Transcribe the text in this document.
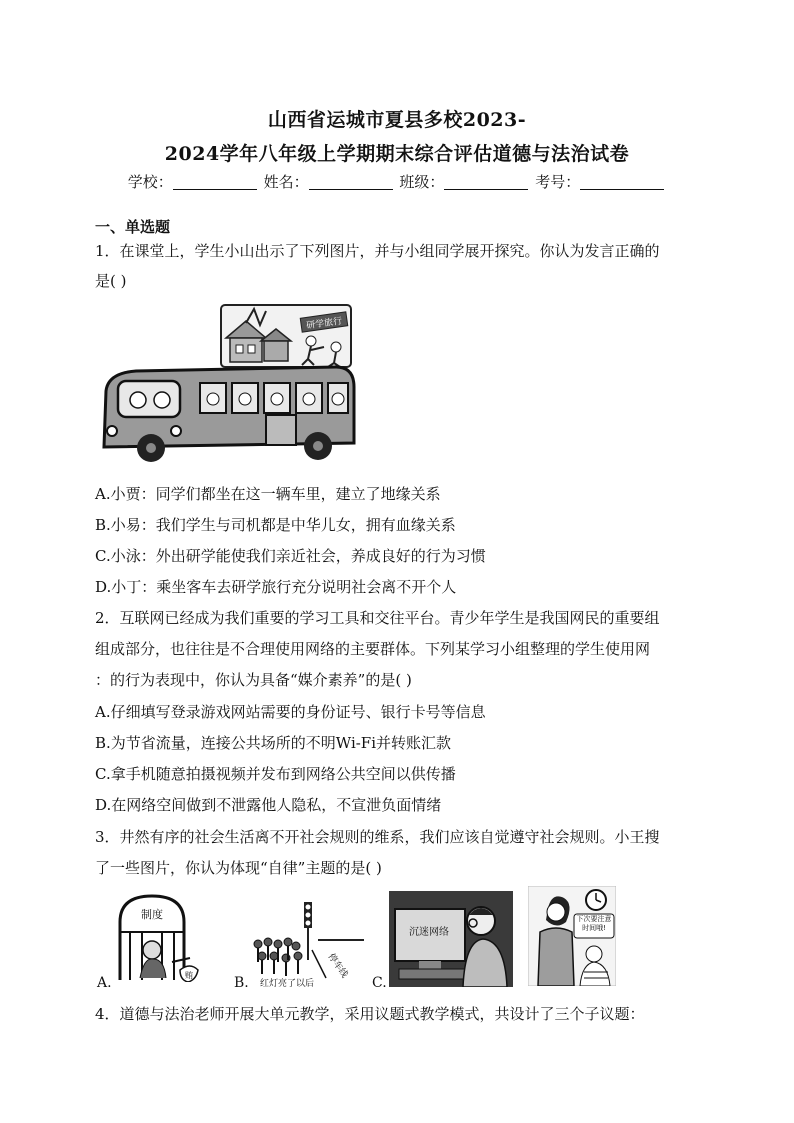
山西省运城市夏县多校2023-
2024学年八年级上学期期末综合评估道德与法治试卷
学校：	姓名：	班级：	考号：
一、单选题
1．在课堂上，学生小山出示了下列图片，并与小组同学展开探究。你认为发言正确的
是( )
研学旅行
A.小贾：同学们都坐在这一辆车里，建立了地缘关系
B.小易：我们学生与司机都是中华儿女，拥有血缘关系
C.小泳：外出研学能使我们亲近社会，养成良好的行为习惯
D.小丁：乘坐客车去研学旅行充分说明社会离不开个人
2．互联网已经成为我们重要的学习工具和交往平台。青少年学生是我国网民的重要组
组成部分，也往往是不合理使用网络的主要群体。下列某学习小组整理的学生使用网
：的行为表现中，你认为具备“媒介素养”的是( )
A.仔细填写登录游戏网站需要的身份证号、银行卡号等信息
B.为节省流量，连接公共场所的不明Wi-Fi并转账汇款
C.拿手机随意拍摄视频并发布到网络公共空间以供传播
D.在网络空间做到不泄露他人隐私，不宣泄负面情绪
3．井然有序的社会生活离不开社会规则的维系，我们应该自觉遵守社会规则。小王搜
了一些图片，你认为体现“自律”主题的是( )
制度
贿
A.
停车线
红灯亮了以后
B.
沉迷网络
C.
下次要注意时间哦!
4．道德与法治老师开展大单元教学，采用议题式教学模式，共设计了三个子议题：
